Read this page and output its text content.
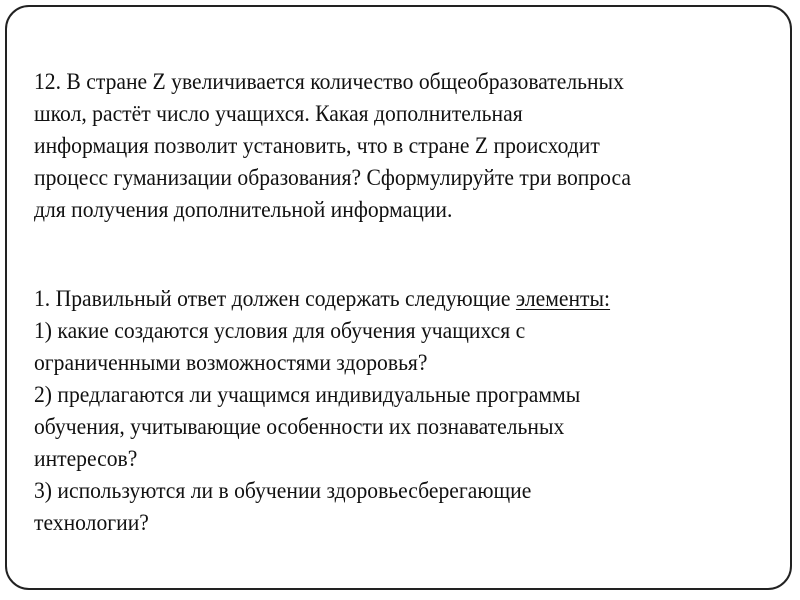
12. В стране Z увеличивается количество общеобразовательных
школ, растёт число учащихся. Какая дополнительная
информация позволит установить, что в стране Z происходит
процесс гуманизации образования? Сформулируйте три вопроса
для получения дополнительной информации.
1. Правильный ответ должен содержать следующие элементы:
1) какие создаются условия для обучения учащихся с
ограниченными возможностями здоровья?
2) предлагаются ли учащимся индивидуальные программы
обучения, учитывающие особенности их познавательных
интересов?
3) используются ли в обучении здоровьесберегающие
технологии?
